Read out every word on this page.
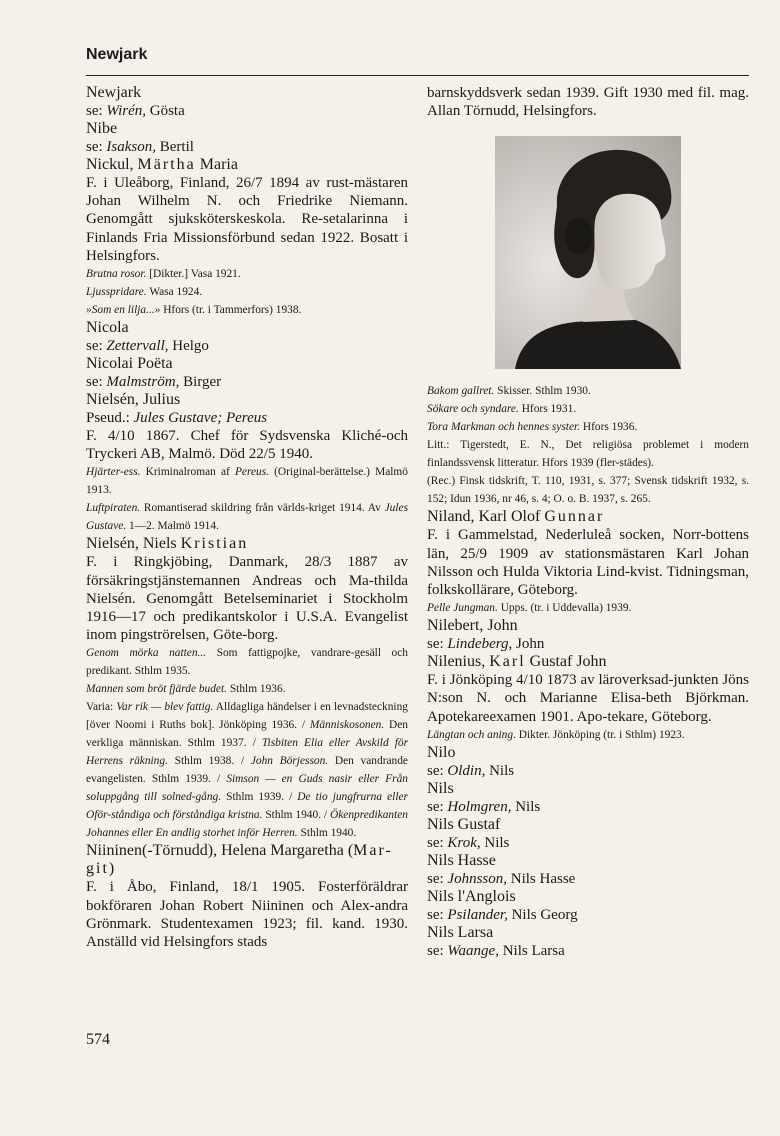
Newjark
Newjark
se: Wirén, Gösta
Nibe
se: Isakson, Bertil
Nickul, Märtha Maria
F. i Uleåborg, Finland, 26/7 1894 av rust-mästaren Johan Wilhelm N. och Friedrike Niemann. Genomgått sjuksköterskeskola. Re-setalarinna i Finlands Fria Missionsförbund sedan 1922. Bosatt i Helsingfors.
Brutna rosor. [Dikter.] Vasa 1921.
Ljusspridare. Wasa 1924.
»Som en lilja...» Hfors (tr. i Tammerfors) 1938.
Nicola
se: Zettervall, Helgo
Nicolai Poëta
se: Malmström, Birger
Nielsén, Julius
Pseud.: Jules Gustave; Pereus
F. 4/10 1867. Chef för Sydsvenska Kliché-och Tryckeri AB, Malmö. Död 22/5 1940.
Hjärter-ess. Kriminalroman af Pereus. (Original-berättelse.) Malmö 1913.
Luftpiraten. Romantiserad skildring från världs-kriget 1914. Av Jules Gustave. 1—2. Malmö 1914.
Nielsén, Niels Kristian
F. i Ringkjöbing, Danmark, 28/3 1887 av försäkringstjänstemannen Andreas och Ma-thilda Nielsén. Genomgått Betelseminariet i Stockholm 1916—17 och predikantskolor i U.S.A. Evangelist inom pingströrelsen, Göte-borg.
Genom mörka natten... Som fattigpojke, vandrare-gesäll och predikant. Sthlm 1935.
Mannen som bröt fjärde budet. Sthlm 1936.
Varia: Var rik — blev fattig. Alldagliga händelser i en levnadsteckning [över Noomi i Ruths bok]. Jönköping 1936. / Människosonen. Den verkliga människan. Sthlm 1937. / Tisbiten Elia eller Avskild för Herrens räkning. Sthlm 1938. / John Börjesson. Den vandrande evangelisten. Sthlm 1939. / Simson — en Guds nasir eller Från soluppgång till solned-gång. Sthlm 1939. / De tio jungfrurna eller Oför-ståndiga och förståndiga kristna. Sthlm 1940. / Ökenpredikanten Johannes eller En andlig storhet inför Herren. Sthlm 1940.
Niininen(-Törnudd), Helena Margaretha (Mar-git)
F. i Åbo, Finland, 18/1 1905. Fosterföräldrar bokföraren Johan Robert Niininen och Alex-andra Grönmark. Studentexamen 1923; fil. kand. 1930. Anställd vid Helsingfors stads
barnskyddsverk sedan 1939. Gift 1930 med fil. mag. Allan Törnudd, Helsingfors.
Bakom gallret. Skisser. Sthlm 1930.
Sökare och syndare. Hfors 1931.
Tora Markman och hennes syster. Hfors 1936.
Litt.: Tigerstedt, E. N., Det religiösa problemet i modern finlandssvensk litteratur. Hfors 1939 (fler-städes).
(Rec.) Finsk tidskrift, T. 110, 1931, s. 377; Svensk tidskrift 1932, s. 152; Idun 1936, nr 46, s. 4; O. o. B. 1937, s. 265.
Niland, Karl Olof Gunnar
F. i Gammelstad, Nederluleå socken, Norr-bottens län, 25/9 1909 av stationsmästaren Karl Johan Nilsson och Hulda Viktoria Lind-kvist. Tidningsman, folkskollärare, Göteborg.
Pelle Jungman. Upps. (tr. i Uddevalla) 1939.
Nilebert, John
se: Lindeberg, John
Nilenius, Karl Gustaf John
F. i Jönköping 4/10 1873 av läroverksad-junkten Jöns N:son N. och Marianne Elisa-beth Björkman. Apotekareexamen 1901. Apo-tekare, Göteborg.
Längtan och aning. Dikter. Jönköping (tr. i Sthlm) 1923.
Nilo
se: Oldin, Nils
Nils
se: Holmgren, Nils
Nils Gustaf
se: Krok, Nils
Nils Hasse
se: Johnsson, Nils Hasse
Nils l'Anglois
se: Psilander, Nils Georg
Nils Larsa
se: Waange, Nils Larsa
574
